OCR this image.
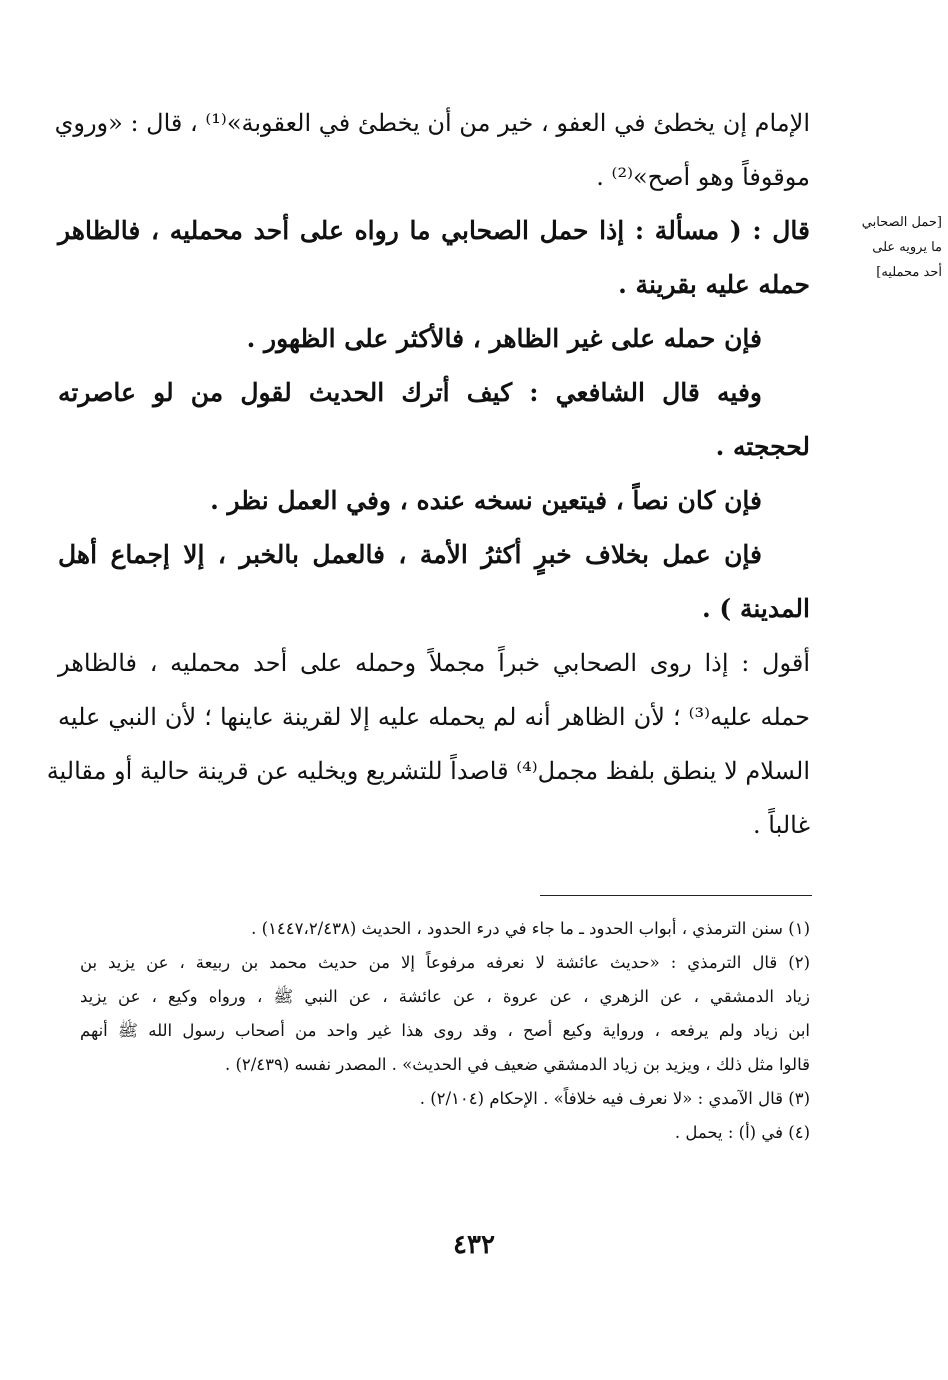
[حمل الصحابي
ما يرويه على
أحد محمليه]
الإمام إن يخطئ في العفو ، خير من أن يخطئ في العقوبة»⁽¹⁾ ، قال : «وروي
موقوفاً وهو أصح»⁽²⁾ .
قال : ( مسألة : إذا حمل الصحابي ما رواه على أحد محمليه ، فالظاهر
حمله عليه بقرينة .
فإن حمله على غير الظاهر ، فالأكثر على الظهور .
وفيه قال الشافعي : كيف أترك الحديث لقول من لو عاصرته
لحججته .
فإن كان نصاً ، فيتعين نسخه عنده ، وفي العمل نظر .
فإن عمل بخلاف خبرٍ أكثرُ الأمة ، فالعمل بالخبر ، إلا إجماع أهل
المدينة ) .
أقول : إذا روى الصحابي خبراً مجملاً وحمله على أحد محمليه ، فالظاهر
حمله عليه⁽³⁾ ؛ لأن الظاهر أنه لم يحمله عليه إلا لقرينة عاينها ؛ لأن النبي عليه
السلام لا ينطق بلفظ مجمل⁽⁴⁾ قاصداً للتشريع ويخليه عن قرينة حالية أو مقالية
غالباً .
(١) سنن الترمذي ، أبواب الحدود ـ ما جاء في درء الحدود ، الحديث (١٤٤٧،٢/٤٣٨) .
(٢) قال الترمذي : «حديث عائشة لا نعرفه مرفوعاً إلا من حديث محمد بن ربيعة ، عن يزيد بن
زياد الدمشقي ، عن الزهري ، عن عروة ، عن عائشة ، عن النبي ﷺ ، ورواه وكيع ، عن يزيد
ابن زياد ولم يرفعه ، ورواية وكيع أصح ، وقد روى هذا غير واحد من أصحاب رسول الله ﷺ أنهم
قالوا مثل ذلك ، ويزيد بن زياد الدمشقي ضعيف في الحديث» . المصدر نفسه (٢/٤٣٩) .
(٣) قال الآمدي : «لا نعرف فيه خلافاً» . الإحكام (٢/١٠٤) .
(٤) في (أ) : يحمل .
٤٣٢
